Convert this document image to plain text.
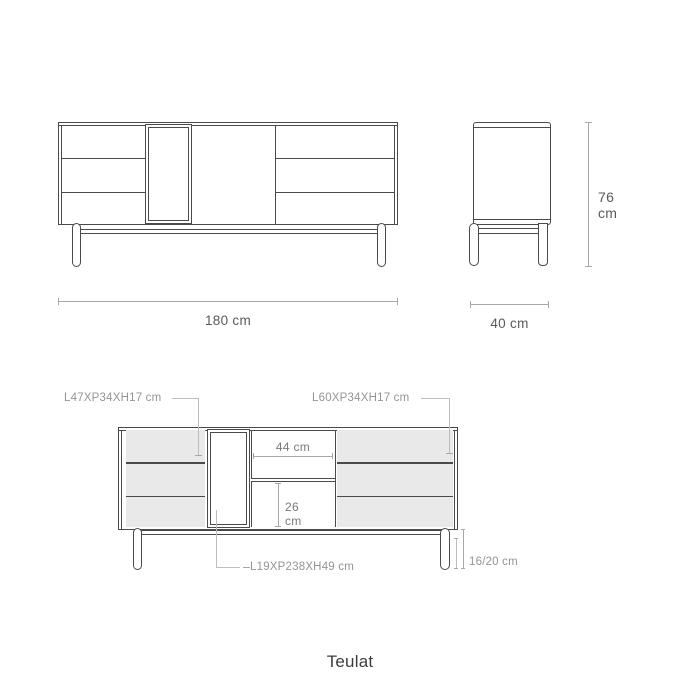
180 cm
76 cm
40 cm
44 cm
26 cm
L47XP34XH17 cm	L60XP34XH17 cm
L19XP238XH49 cm	16/20 cm
Teulat
